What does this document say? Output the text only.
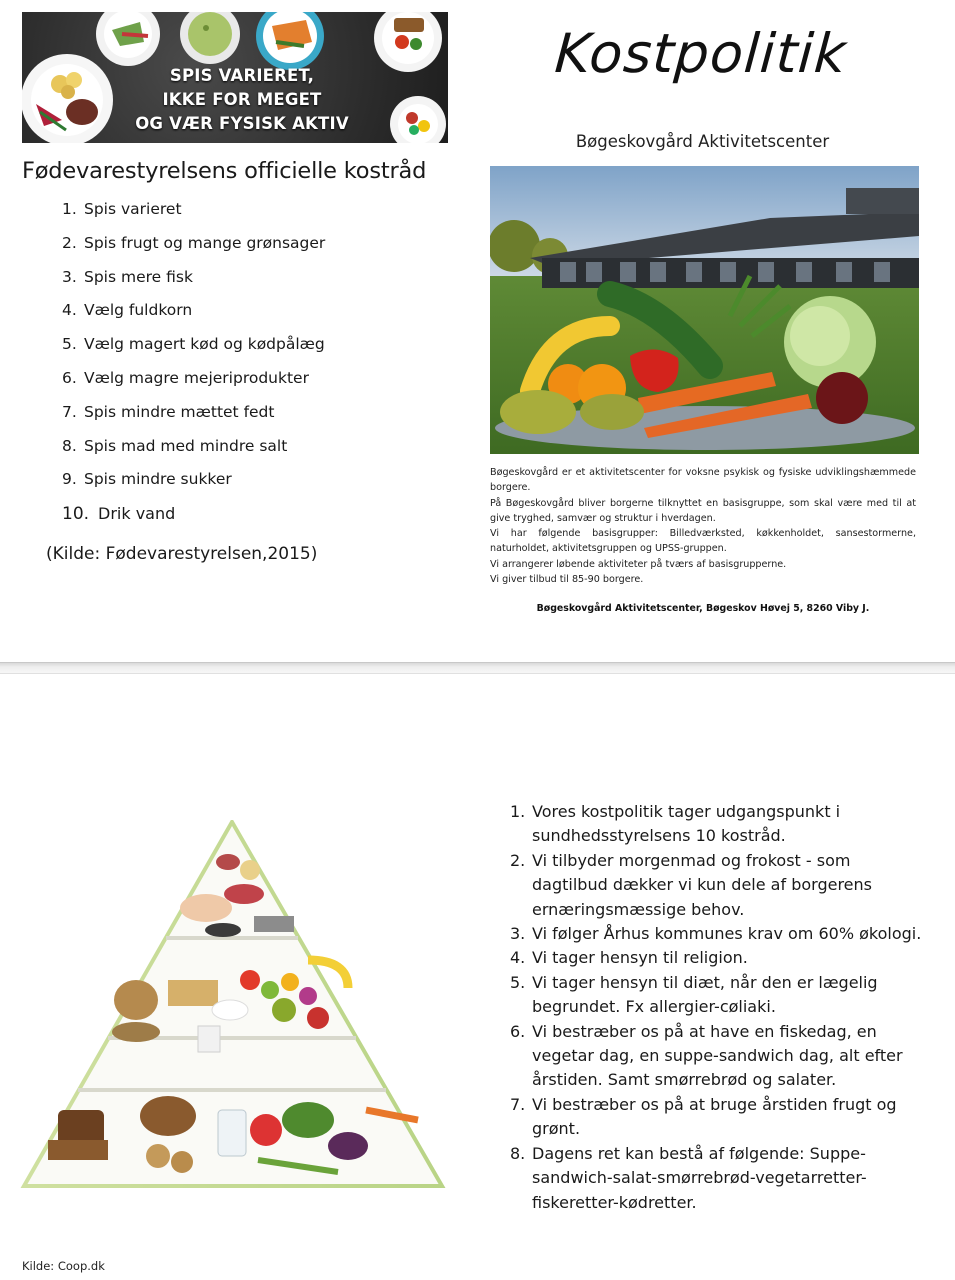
SPIS VARIERET,
IKKE FOR MEGET
OG VÆR FYSISK AKTIV
Fødevarestyrelsens officielle kostråd
1. Spis varieret
2. Spis frugt og mange grønsager
3. Spis mere fisk
4. Vælg fuldkorn
5. Vælg magert kød og kødpålæg
6. Vælg magre mejeriprodukter
7. Spis mindre mættet fedt
8. Spis mad med mindre salt
9. Spis mindre sukker
10. Drik vand
(Kilde: Fødevarestyrelsen,2015)
Kostpolitik
Bøgeskovgård Aktivitetscenter
Bøgeskovgård er et aktivitetscenter for voksne psykisk og fysiske udviklingshæmmede borgere.
På Bøgeskovgård bliver borgerne tilknyttet en basisgruppe, som skal være med til at give tryghed, samvær og struktur i hverdagen.
Vi har følgende basisgrupper: Billedværksted, køkkenholdet, sansestormerne, naturholdet, aktivitetsgruppen og UPSS-gruppen.
Vi arrangerer løbende aktiviteter på tværs af basisgrupperne.
Vi giver tilbud til 85-90 borgere.
Bøgeskovgård Aktivitetscenter, Bøgeskov Høvej 5, 8260 Viby J.
1. Vores kostpolitik tager udgangspunkt i sundhedsstyrelsens 10 kostråd.
2. Vi tilbyder morgenmad og frokost - som dagtilbud dækker vi kun dele af borgerens ernæringsmæssige behov.
3. Vi følger Århus kommunes krav om 60% økologi.
4. Vi tager hensyn til religion.
5. Vi tager hensyn til diæt, når den er lægelig begrundet. Fx allergier-cøliaki.
6. Vi bestræber os på at have en fiskedag, en vegetar dag, en suppe-sandwich dag, alt efter årstiden. Samt smørrebrød og salater.
7. Vi bestræber os på at bruge årstiden frugt og grønt.
8. Dagens ret kan bestå af følgende: Suppe-sandwich-salat-smørrebrød-vegetarretter-fiskeretter-kødretter.
Kilde: Coop.dk
